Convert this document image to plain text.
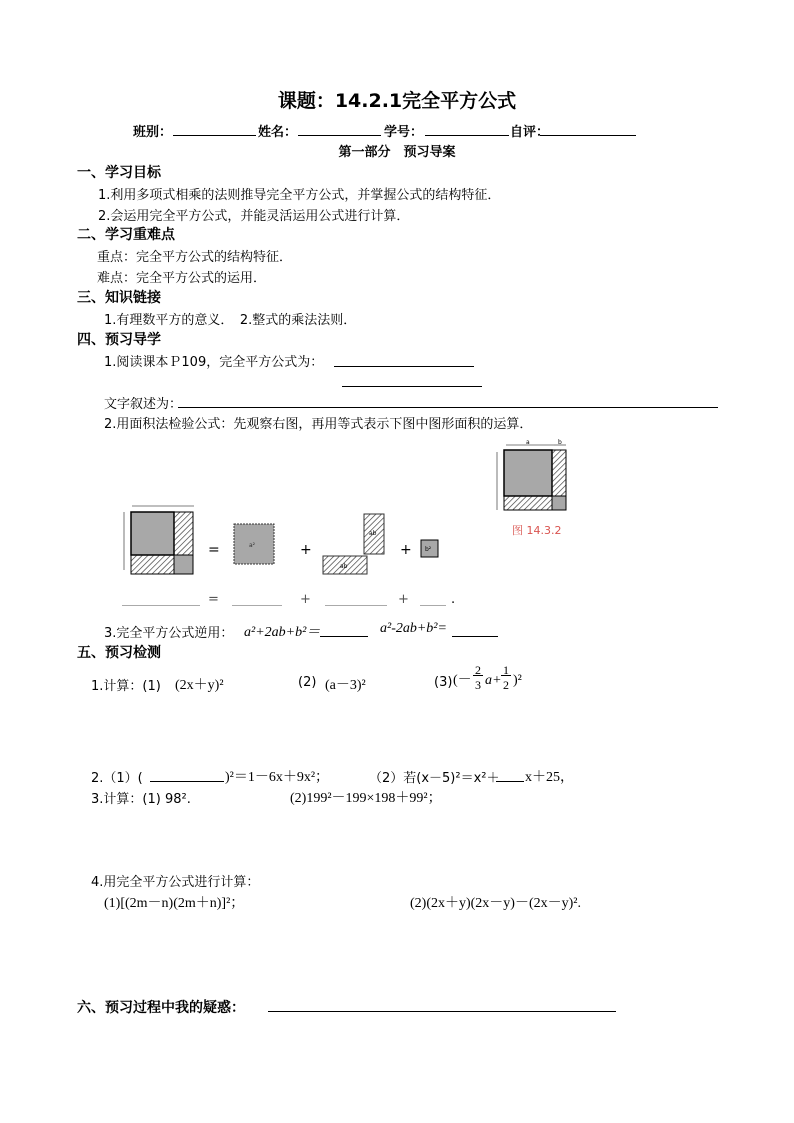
课题：14.2.1完全平方公式
班别：	姓名：	学号：	自评：
第一部分　预习导案
一、学习目标
1.利用多项式相乘的法则推导完全平方公式，并掌握公式的结构特征．
2.会运用完全平方公式，并能灵活运用公式进行计算．
二、学习重难点
重点：完全平方公式的结构特征．
难点：完全平方公式的运用．
三、知识链接
1.有理数平方的意义．　2.整式的乘法法则．
四、预习导学
1.阅读课本Ｐ109，完全平方公式为：
文字叙述为：
2.用面积法检验公式：先观察右图，再用等式表示下图中图形面积的运算．
a	b
图 14.3.2
=	a²	+
ab
ab
+ b²
=	+	+	.
3.完全平方公式逆用： a²+2ab+b²＝	a²-2ab+b²=
五、预习检测
1.计算：(1) (2x＋y)²	(2) (a－3)²	(3) (－
2
3 a +
1
2 )²
2.（1）(	)²＝1－6x＋9x²；	（2）若(x－5)²＝x²＋ x＋25，
3.计算：(1) 98².	(2)199²－199×198＋99²；
4.用完全平方公式进行计算：
(1)[(2m－n)(2m＋n)]²；	(2)(2x＋y)(2x－y)－(2x－y)².
六、预习过程中我的疑惑：
